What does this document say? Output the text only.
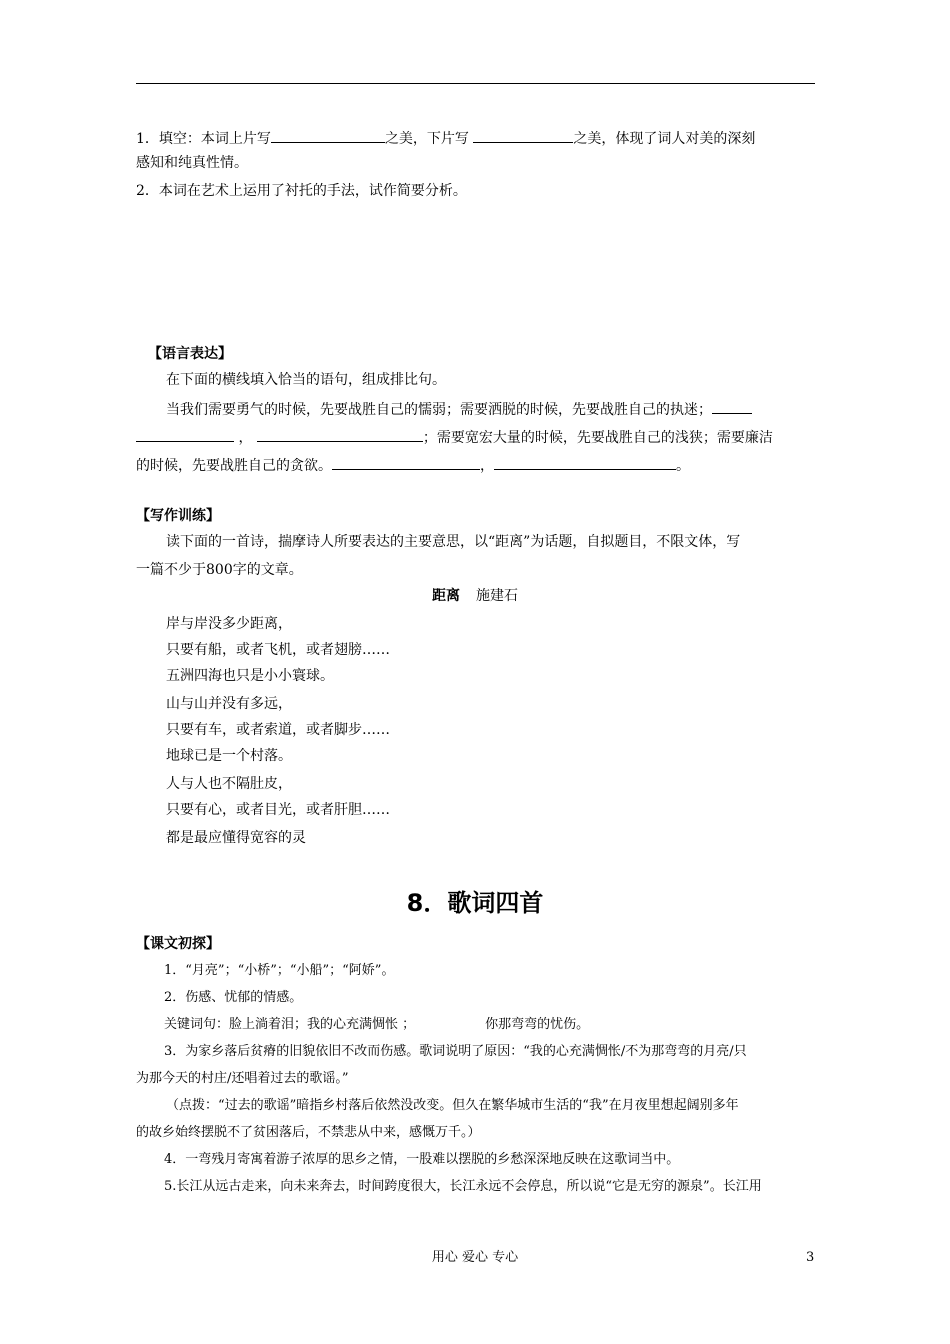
1．填空：本词上片写	之美，下片写	之美，体现了词人对美的深刻
感知和纯真性情。
2．本词在艺术上运用了衬托的手法，试作简要分析。
【语言表达】
在下面的横线填入恰当的语句，组成排比句。
当我们需要勇气的时候，先要战胜自己的懦弱；需要洒脱的时候，先要战胜自己的执迷；
，	；需要宽宏大量的时候，先要战胜自己的浅狭；需要廉洁
的时候，先要战胜自己的贪欲。	，	。
【写作训练】
读下面的一首诗，揣摩诗人所要表达的主要意思，以“距离”为话题，自拟题目，不限文体，写
一篇不少于800字的文章。
距离 施建石
岸与岸没多少距离，
只要有船，或者飞机，或者翅膀……
五洲四海也只是小小寰球。
山与山并没有多远，
只要有车，或者索道，或者脚步……
地球已是一个村落。
人与人也不隔肚皮，
只要有心，或者目光，或者肝胆……
都是最应懂得宽容的灵
8．歌词四首
【课文初探】
1．“月亮”；“小桥”；“小船”；“阿娇”。
2．伤感、忧郁的情感。
关键词句：脸上淌着泪；我的心充满惆怅 ；	你那弯弯的忧伤。
3．为家乡落后贫瘠的旧貌依旧不改而伤感。歌词说明了原因：“我的心充满惆怅/不为那弯弯的月亮/只
为那今天的村庄/还唱着过去的歌谣。”
（点拨：“过去的歌谣”暗指乡村落后依然没改变。但久在繁华城市生活的“我”在月夜里想起阔别多年
的故乡始终摆脱不了贫困落后，不禁悲从中来，感慨万千。）
4．一弯残月寄寓着游子浓厚的思乡之情，一股难以摆脱的乡愁深深地反映在这歌词当中。
5.长江从远古走来，向未来奔去，时间跨度很大，长江永远不会停息，所以说“它是无穷的源泉”。长江用
用心 爱心 专心	3
